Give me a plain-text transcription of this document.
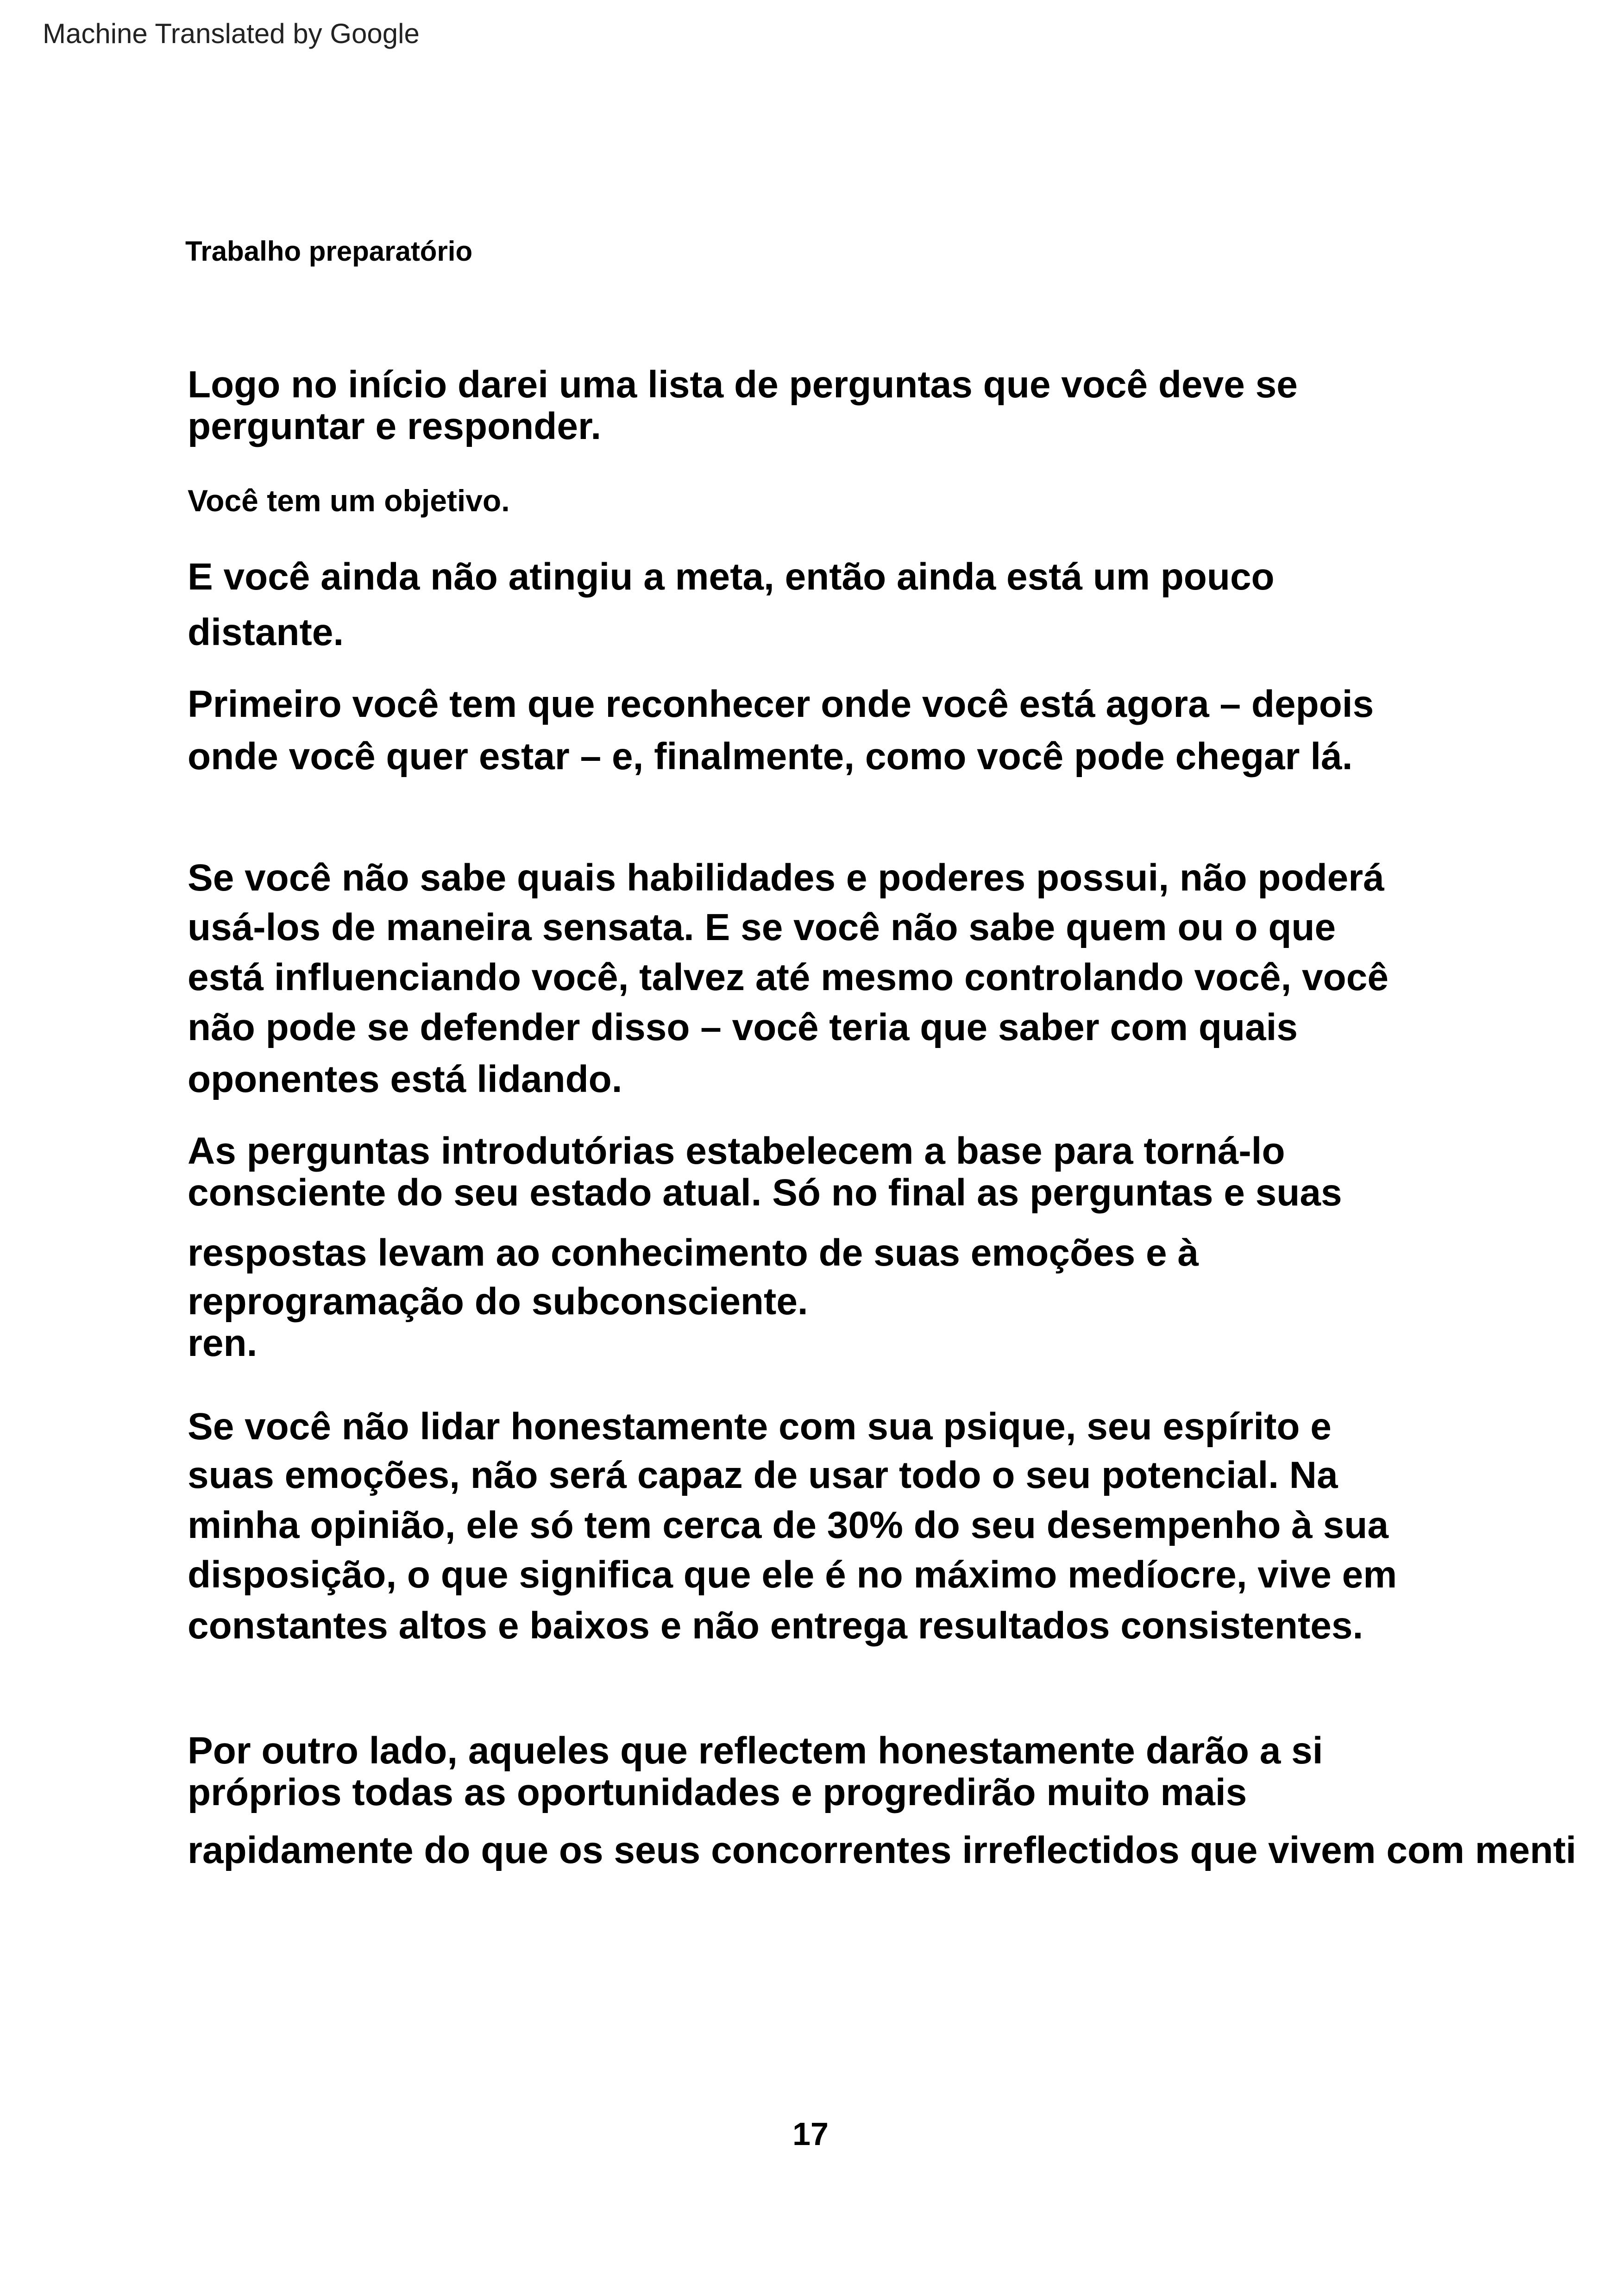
Machine Translated by Google
Trabalho preparatório
Logo no início darei uma lista de perguntas que você deve se
perguntar e responder.
Você tem um objetivo.
E você ainda não atingiu a meta, então ainda está um pouco
distante.
Primeiro você tem que reconhecer onde você está agora – depois
onde você quer estar – e, finalmente, como você pode chegar lá.
Se você não sabe quais habilidades e poderes possui, não poderá
usá-los de maneira sensata. E se você não sabe quem ou o que
está influenciando você, talvez até mesmo controlando você, você
não pode se defender disso – você teria que saber com quais
oponentes está lidando.
As perguntas introdutórias estabelecem a base para torná-lo
consciente do seu estado atual. Só no final as perguntas e suas
respostas levam ao conhecimento de suas emoções e à
reprogramação do subconsciente.
ren.
Se você não lidar honestamente com sua psique, seu espírito e
suas emoções, não será capaz de usar todo o seu potencial. Na
minha opinião, ele só tem cerca de 30% do seu desempenho à sua
disposição, o que significa que ele é no máximo medíocre, vive em
constantes altos e baixos e não entrega resultados consistentes.
Por outro lado, aqueles que reflectem honestamente darão a si
próprios todas as oportunidades e progredirão muito mais
rapidamente do que os seus concorrentes irreflectidos que vivem com menti
17
